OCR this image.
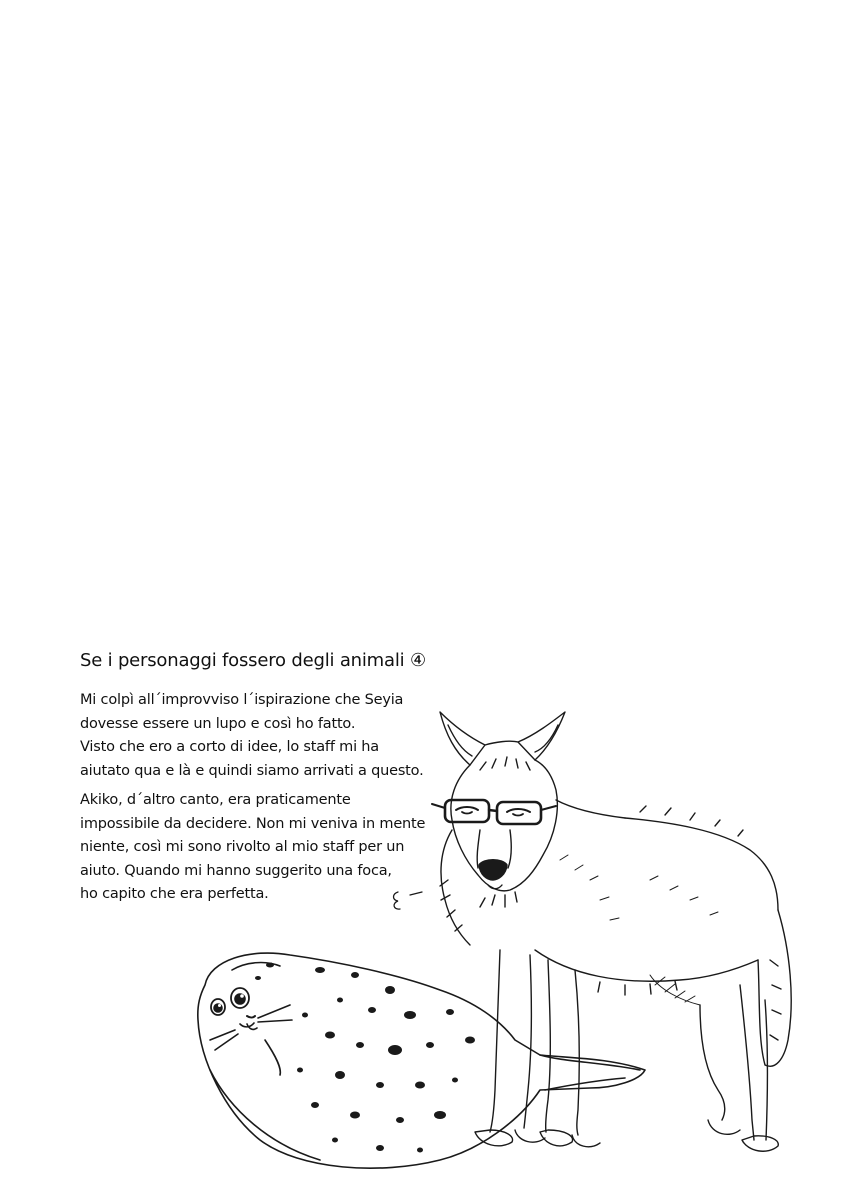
Se i personaggi fossero degli animali ④

Mi colpì all´improvviso l´ispirazione che Seyia
dovesse essere un lupo e così ho fatto.
Visto che ero a corto di idee, lo staff mi ha
aiutato qua e là e quindi siamo arrivati a questo.

Akiko, d´altro canto, era praticamente
impossibile da decidere. Non mi veniva in mente
niente, così mi sono rivolto al mio staff per un
aiuto. Quando mi hanno suggerito una foca,
ho capito che era perfetta.
